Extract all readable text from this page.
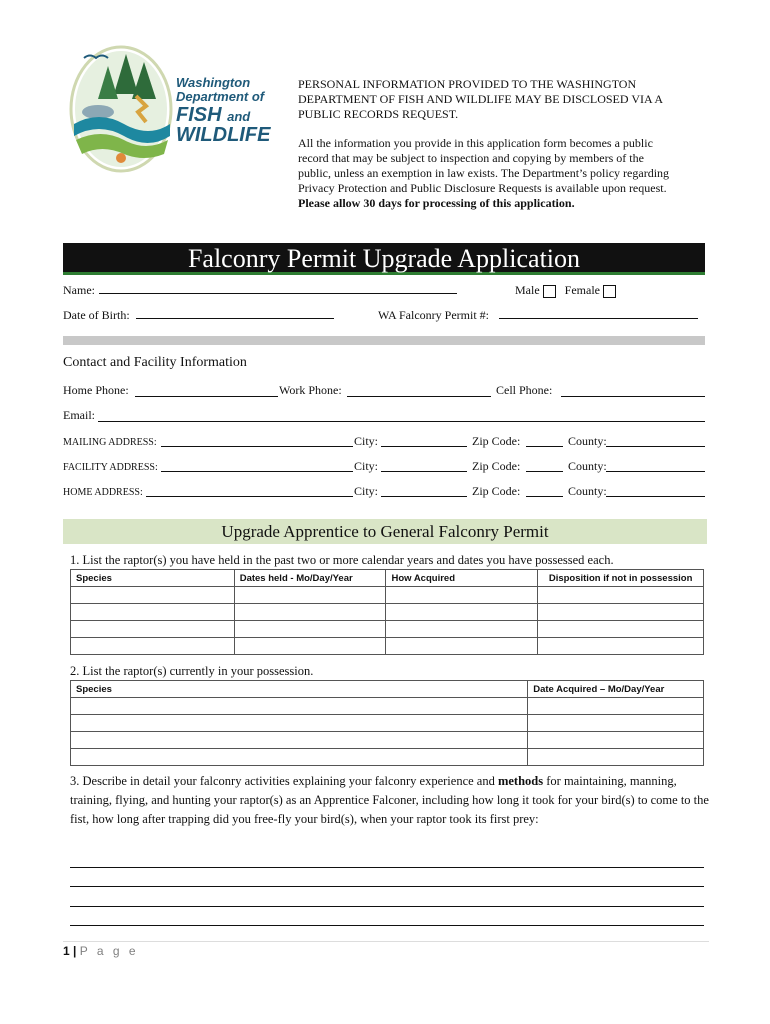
Washington
Department of
FISH and
WILDLIFE

PERSONAL INFORMATION PROVIDED TO THE WASHINGTON DEPARTMENT OF FISH AND WILDLIFE MAY BE DISCLOSED VIA A PUBLIC RECORDS REQUEST.

All the information you provide in this application form becomes a public record that may be subject to inspection and copying by members of the public, unless an exemption in law exists. The Department’s policy regarding Privacy Protection and Public Disclosure Requests is available upon request.

Please allow 30 days for processing of this application.

Falconry Permit Upgrade Application
Name:	Male Female
Date of Birth:	WA Falconry Permit #:
Contact and Facility Information
Home Phone:	Work Phone:	Cell Phone:
Email:
MAILING ADDRESS:	City:	Zip Code:	County:
FACILITY ADDRESS:	City:	Zip Code:	County:
HOME ADDRESS:	City:	Zip Code:	County:
Upgrade Apprentice to General Falconry Permit
1. List the raptor(s) you have held in the past two or more calendar years and dates you have possessed each.
Species	Dates held - Mo/Day/Year	How Acquired	Disposition if not in possession

2. List the raptor(s) currently in your possession.
Species	Date Acquired – Mo/Day/Year

3. Describe in detail your falconry activities explaining your falconry experience and methods for maintaining, manning, training, flying, and hunting your raptor(s) as an Apprentice Falconer, including how long it took for your bird(s) to come to the fist, how long after trapping did you free-fly your bird(s), when your raptor took its first prey:
1 | P a g e
